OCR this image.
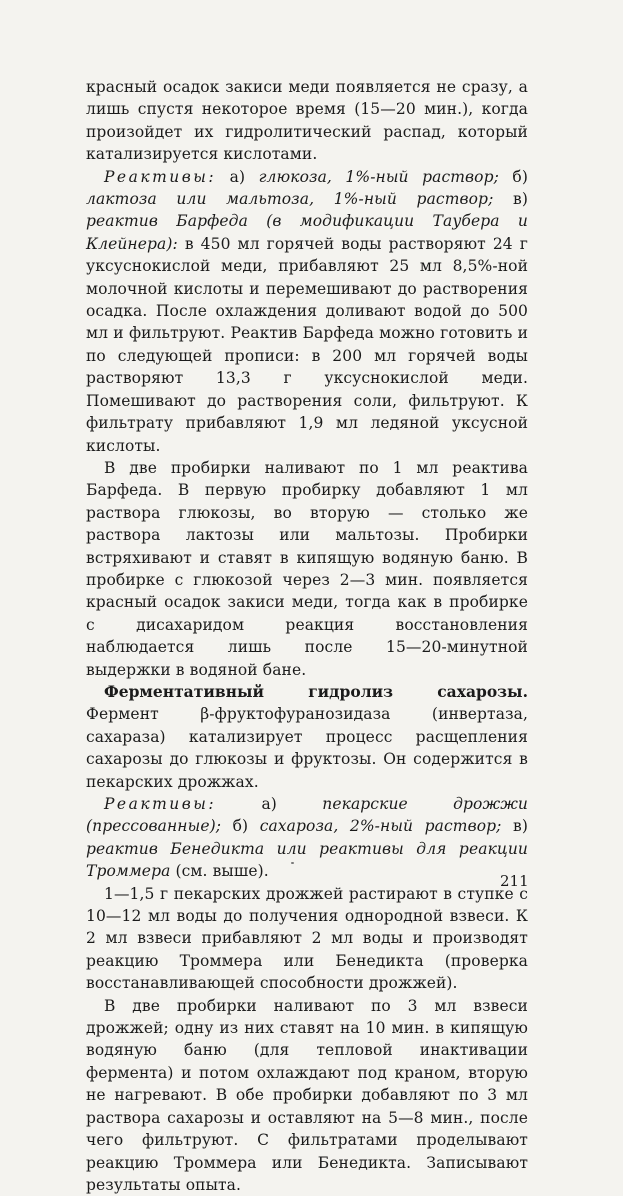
красный осадок закиси меди появляется не сразу, а лишь спустя некоторое время (15—20 мин.), когда произойдет их гидролитический распад, который катализируется кислотами.

Реактивы: а) глюкоза, 1%-ный раствор; б) лактоза или мальтоза, 1%-ный раствор; в) реактив Барфеда (в модификации Таубера и Клейнера): в 450 мл горячей воды растворяют 24 г уксуснокислой меди, прибавляют 25 мл 8,5%-ной молочной кислоты и перемешивают до растворения осадка. После охлаждения доливают водой до 500 мл и фильтруют. Реактив Барфеда можно готовить и по следующей прописи: в 200 мл горячей воды растворяют 13,3 г уксуснокислой меди. Помешивают до растворения соли, фильтруют. К фильтрату прибавляют 1,9 мл ледяной уксусной кислоты.

В две пробирки наливают по 1 мл реактива Барфеда. В первую пробирку добавляют 1 мл раствора глюкозы, во вторую — столько же раствора лактозы или мальтозы. Пробирки встряхивают и ставят в кипящую водяную баню. В пробирке с глюкозой через 2—3 мин. появляется красный осадок закиси меди, тогда как в пробирке с дисахаридом реакция восстановления наблюдается лишь после 15—20-минутной выдержки в водяной бане.

Ферментативный гидролиз сахарозы. Фермент β-фруктофуранозидаза (инвертаза, сахараза) катализирует процесс расщепления сахарозы до глюкозы и фруктозы. Он содержится в пекарских дрожжах.

Реактивы: а) пекарские дрожжи (прессованные); б) сахароза, 2%-ный раствор; в) реактив Бенедикта или реактивы для реакции Троммера (см. выше).

1—1,5 г пекарских дрожжей растирают в ступке с 10—12 мл воды до получения однородной взвеси. К 2 мл взвеси прибавляют 2 мл воды и производят реакцию Троммера или Бенедикта (проверка восстанавливающей способности дрожжей).

В две пробирки наливают по 3 мл взвеси дрожжей; одну из них ставят на 10 мин. в кипящую водяную баню (для тепловой инактивации фермента) и потом охлаждают под краном, вторую не нагревают. В обе пробирки добавляют по 3 мл раствора сахарозы и оставляют на 5—8 мин., после чего фильтруют. С фильтратами проделывают реакцию Троммера или Бенедикта. Записывают результаты опыта.

211
